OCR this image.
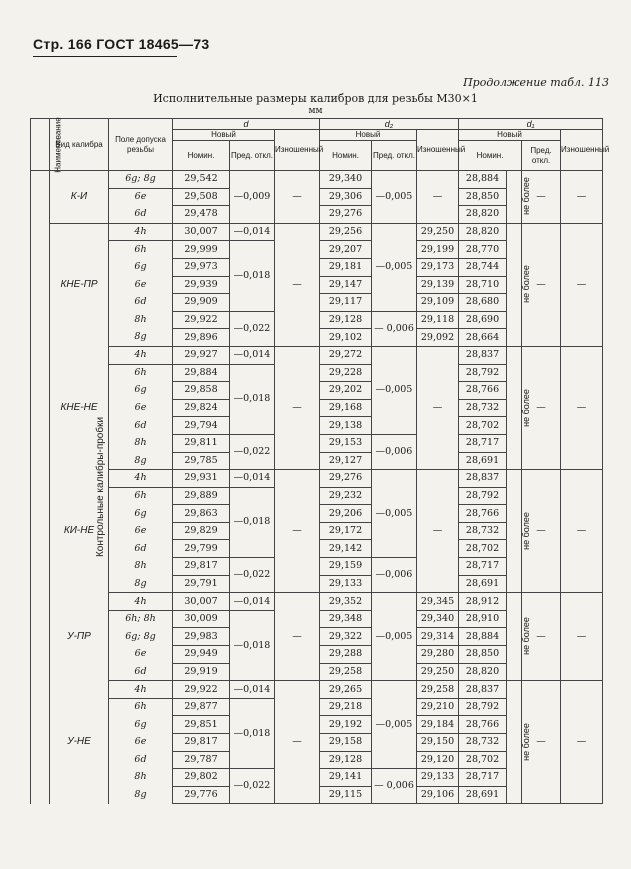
Стр. 166 ГОСТ 18465—73
Продолжение табл. 113
Исполнительные размеры калибров для резьбы М30×1
мм
Наименование	Вид калибра	Поле допуска резьбы	d			d₂			d₁			
			Новый		Изношенный	Новый		Изношенный	Новый			Изношенный
			Номин.	Пред. откл.		Номин.	Пред. откл.		Номин.		Пред. откл.	
Контрольные калибры-пробки	К-И	6g; 8g	29,542	—0,009	—	29,340	—0,005	—	28,884	не более	—	—
		6e	29,508			29,306			28,850			
		6d	29,478			29,276			28,820			
	КНЕ-ПР	4h	30,007	—0,014	—	29,256	—0,005	29,250	28,820	не более	—	—
		6h	29,999	—0,018		29,207		29,199	28,770			
		6g	29,973			29,181		29,173	28,744			
		6e	29,939			29,147		29,139	28,710			
		6d	29,909			29,117		29,109	28,680			
		8h	29,922	—0,022		29,128	— 0,006	29,118	28,690			
		8g	29,896			29,102		29,092	28,664			
	КНЕ-НЕ	4h	29,927	—0,014	—	29,272	—0,005	—	28,837	не более	—	—
		6h	29,884	—0,018		29,228			28,792			
		6g	29,858			29,202			28,766			
		6e	29,824			29,168			28,732			
		6d	29,794			29,138			28,702			
		8h	29,811	—0,022		29,153	—0,006		28,717			
		8g	29,785			29,127			28,691			
	КИ-НЕ	4h	29,931	—0,014	—	29,276	—0,005	—	28,837	не более	—	—
		6h	29,889	—0,018		29,232			28,792			
		6g	29,863			29,206			28,766			
		6e	29,829			29,172			28,732			
		6d	29,799			29,142			28,702			
		8h	29,817	—0,022		29,159	—0,006		28,717			
		8g	29,791			29,133			28,691			
	У-ПР	4h	30,007	—0,014	—	29,352	—0,005	29,345	28,912	не более	—	—
		6h; 8h	30,009	—0,018		29,348		29,340	28,910			
		6g; 8g	29,983			29,322		29,314	28,884			
		6e	29,949			29,288		29,280	28,850			
		6d	29,919			29,258		29,250	28,820			
	У-НЕ	4h	29,922	—0,014	—	29,265	—0,005	29,258	28,837	не более	—	—
		6h	29,877	—0,018		29,218		29,210	28,792			
		6g	29,851			29,192		29,184	28,766			
		6e	29,817			29,158		29,150	28,732			
		6d	29,787			29,128		29,120	28,702			
		8h	29,802	—0,022		29,141	— 0,006	29,133	28,717			
		8g	29,776			29,115		29,106	28,691			
